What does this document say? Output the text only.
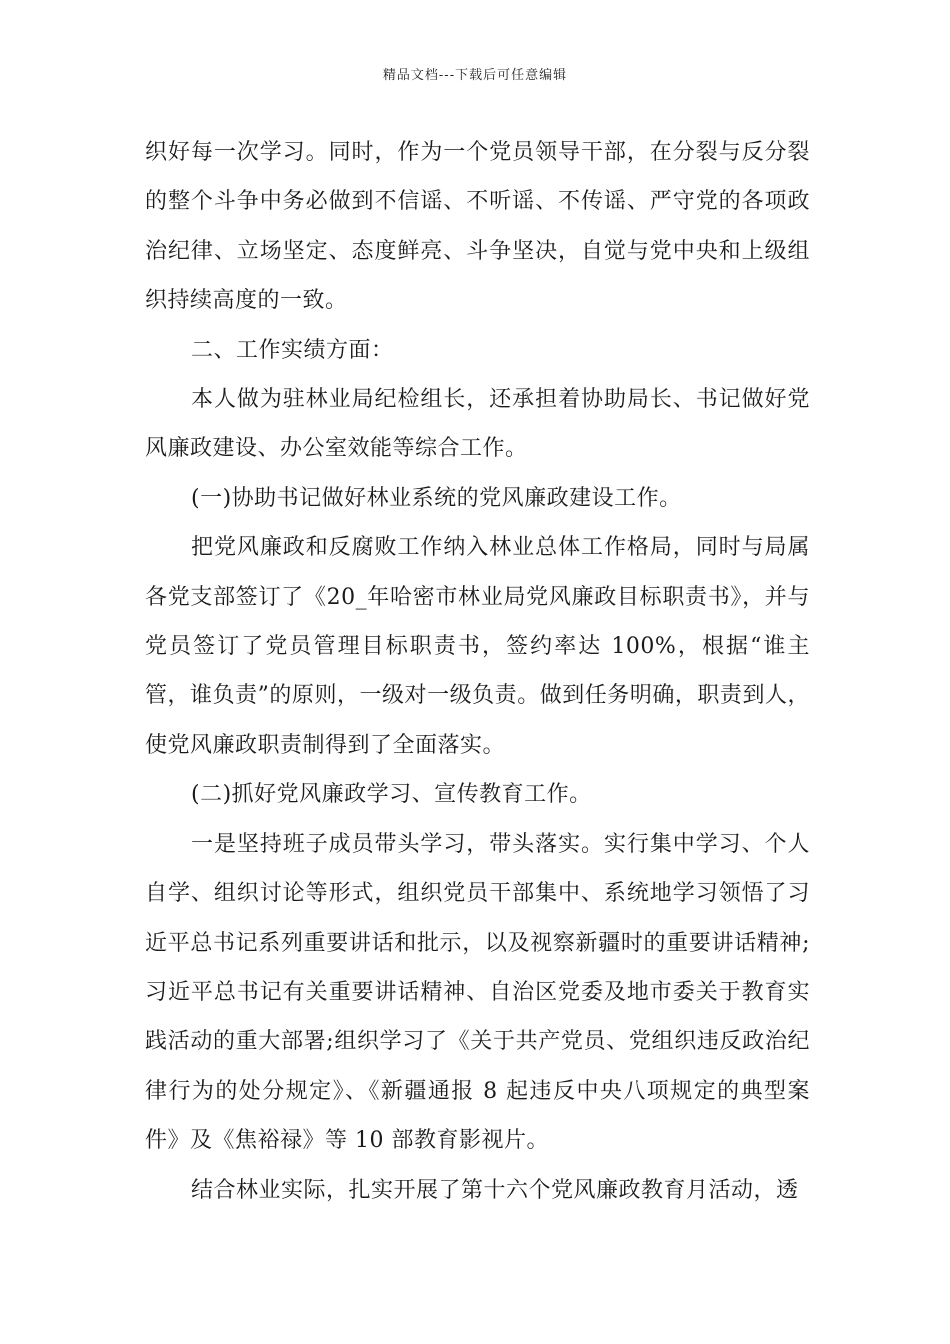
精品文档---下载后可任意编辑

织好每一次学习。同时，作为一个党员领导干部，在分裂与反分裂的整个斗争中务必做到不信谣、不听谣、不传谣、严守党的各项政治纪律、立场坚定、态度鲜亮、斗争坚决，自觉与党中央和上级组织持续高度的一致。

二、工作实绩方面：

本人做为驻林业局纪检组长，还承担着协助局长、书记做好党风廉政建设、办公室效能等综合工作。

(一)协助书记做好林业系统的党风廉政建设工作。

把党风廉政和反腐败工作纳入林业总体工作格局，同时与局属各党支部签订了《20_年哈密市林业局党风廉政目标职责书》，并与党员签订了党员管理目标职责书，签约率达 100%，根据“谁主管，谁负责”的原则，一级对一级负责。做到任务明确，职责到人，使党风廉政职责制得到了全面落实。

(二)抓好党风廉政学习、宣传教育工作。

一是坚持班子成员带头学习，带头落实。实行集中学习、个人自学、组织讨论等形式，组织党员干部集中、系统地学习领悟了习近平总书记系列重要讲话和批示，以及视察新疆时的重要讲话精神;习近平总书记有关重要讲话精神、自治区党委及地市委关于教育实践活动的重大部署;组织学习了《关于共产党员、党组织违反政治纪律行为的处分规定》、《新疆通报 8 起违反中央八项规定的典型案件》及《焦裕禄》等 10 部教育影视片。

结合林业实际，扎实开展了第十六个党风廉政教育月活动，透
